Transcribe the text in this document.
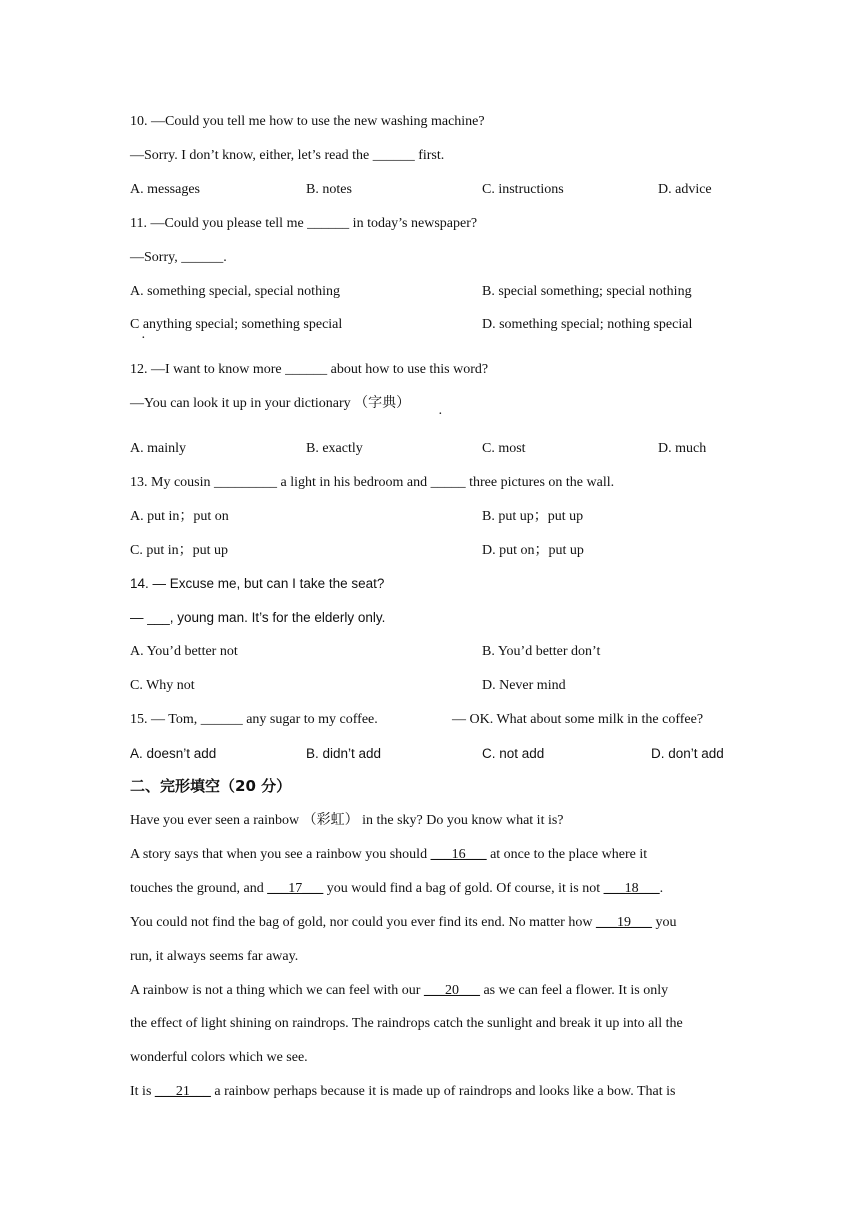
10. —Could you tell me how to use the new washing machine?
—Sorry. I don’t know, either, let’s read the ______ first.
A. messages	B. notes	C. instructions	D. advice
11. —Could you please tell me ______ in today’s newspaper?
—Sorry, ______.
A. something special, special nothing	B. special something; special nothing
C anything special; something special	D. something special; nothing special
·
12. —I want to know more ______ about how to use this word?
—You can look it up in your dictionary （字典）
·
A. mainly	B. exactly	C. most	D. much
13. My cousin _________ a light in his bedroom and _____ three pictures on the wall.
A. put in；put on	B. put up；put up
C. put in；put up	D. put on；put up
14. — Excuse me, but can I take the seat?
— ___, young man. It’s for the elderly only.
A. You’d better not	B. You’d better don’t
C. Why not	D. Never mind
15. — Tom, ______ any sugar to my coffee.	— OK. What about some milk in the coffee?
A. doesn’t add	B. didn’t add	C. not add	D. don’t add
二、完形填空（20 分）
Have you ever seen a rainbow （彩虹） in the sky? Do you know what it is?
A story says that when you see a rainbow you should ___16___ at once to the place where it
touches the ground, and ___17___ you would find a bag of gold. Of course, it is not ___18___.
You could not find the bag of gold, nor could you ever find its end. No matter how ___19___ you
run, it always seems far away.
A rainbow is not a thing which we can feel with our ___20___ as we can feel a flower. It is only
the effect of light shining on raindrops. The raindrops catch the sunlight and break it up into all the
wonderful colors which we see.
It is ___21___ a rainbow perhaps because it is made up of raindrops and looks like a bow. That is
